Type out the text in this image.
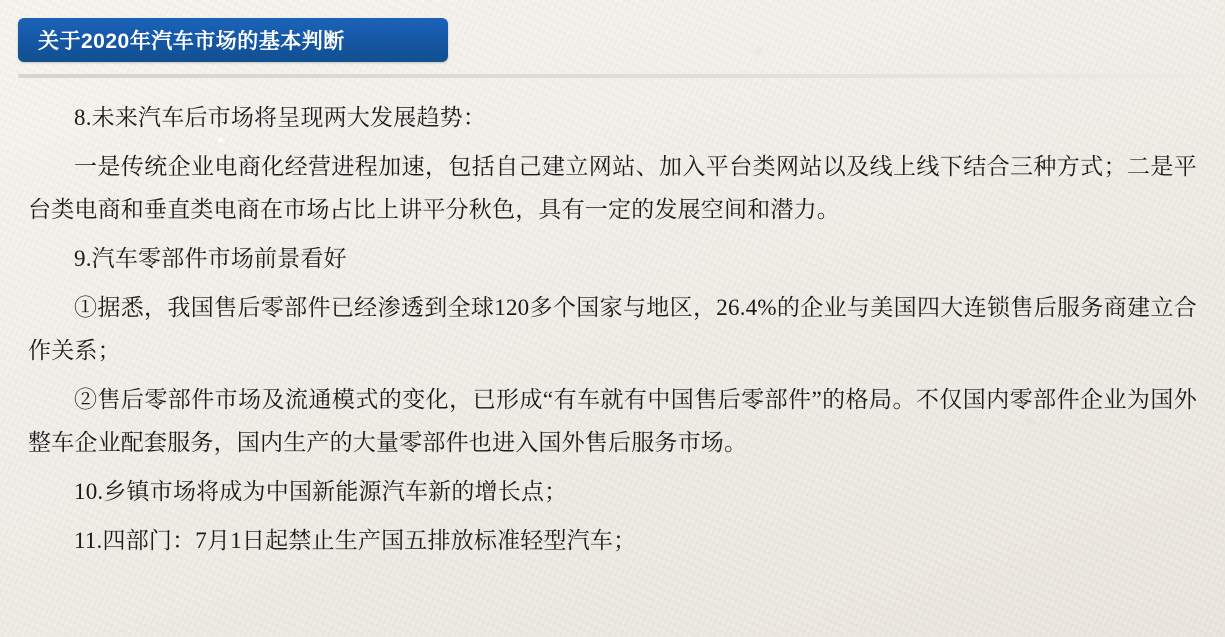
关于2020年汽车市场的基本判断

8.未来汽车后市场将呈现两大发展趋势：

一是传统企业电商化经营进程加速，包括自己建立网站、加入平台类网站以及线上线下结合三种方式；二是平台类电商和垂直类电商在市场占比上讲平分秋色，具有一定的发展空间和潜力。

9.汽车零部件市场前景看好

①据悉，我国售后零部件已经渗透到全球120多个国家与地区，26.4%的企业与美国四大连锁售后服务商建立合作关系；

②售后零部件市场及流通模式的变化，已形成“有车就有中国售后零部件”的格局。不仅国内零部件企业为国外整车企业配套服务，国内生产的大量零部件也进入国外售后服务市场。

10.乡镇市场将成为中国新能源汽车新的增长点；

11.四部门：7月1日起禁止生产国五排放标准轻型汽车；
